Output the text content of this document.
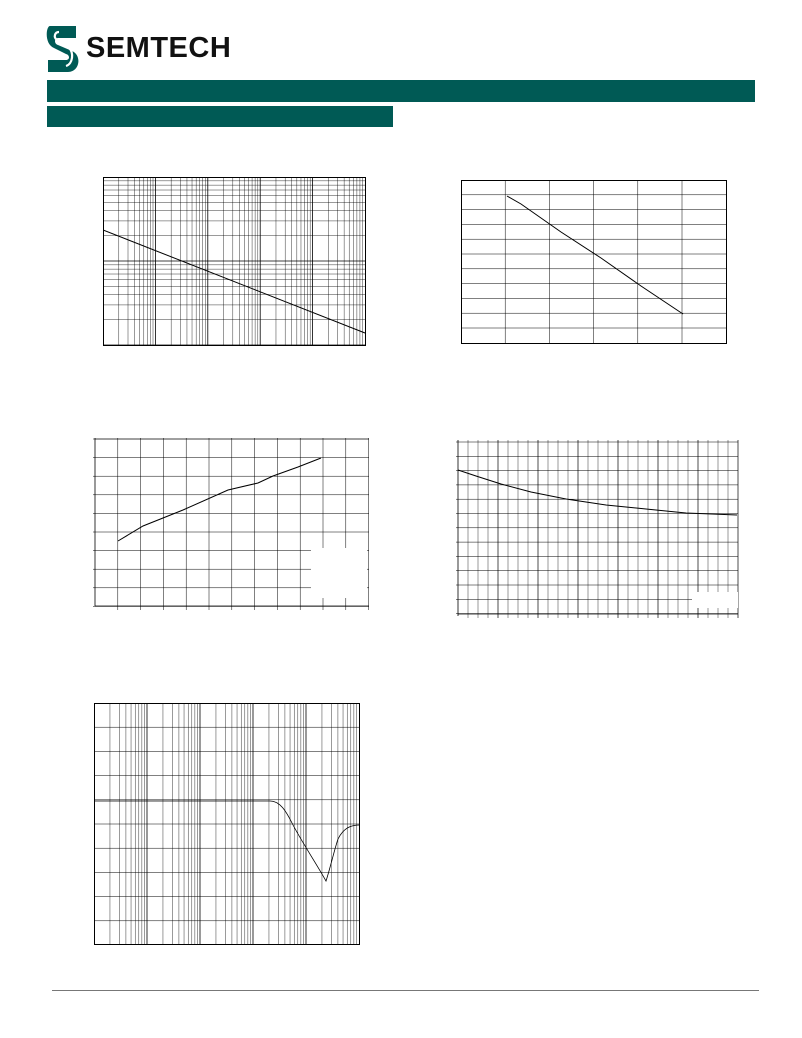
SEMTECH
